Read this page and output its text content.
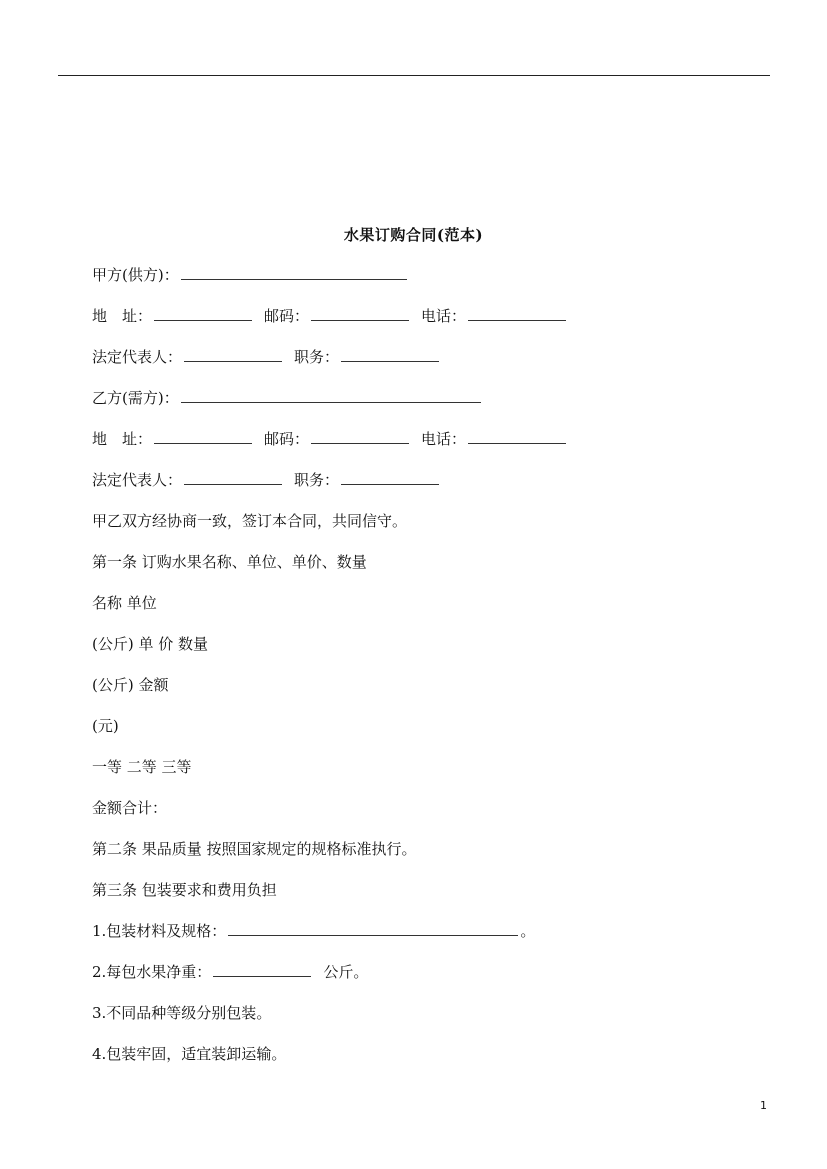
水果订购合同(范本)
甲方(供方)：
地　址：	邮码：	电话：
法定代表人：	职务：
乙方(需方)：
地　址：	邮码：	电话：
法定代表人：	职务：
甲乙双方经协商一致，签订本合同，共同信守。
第一条 订购水果名称、单位、单价、数量
名称 单位
(公斤) 单 价 数量
(公斤) 金额
(元)
一等 二等 三等
金额合计：
第二条 果品质量 按照国家规定的规格标准执行。
第三条 包装要求和费用负担
1.包装材料及规格：	。
2.每包水果净重：	公斤。
3.不同品种等级分别包装。
4.包装牢固，适宜装卸运输。
1
